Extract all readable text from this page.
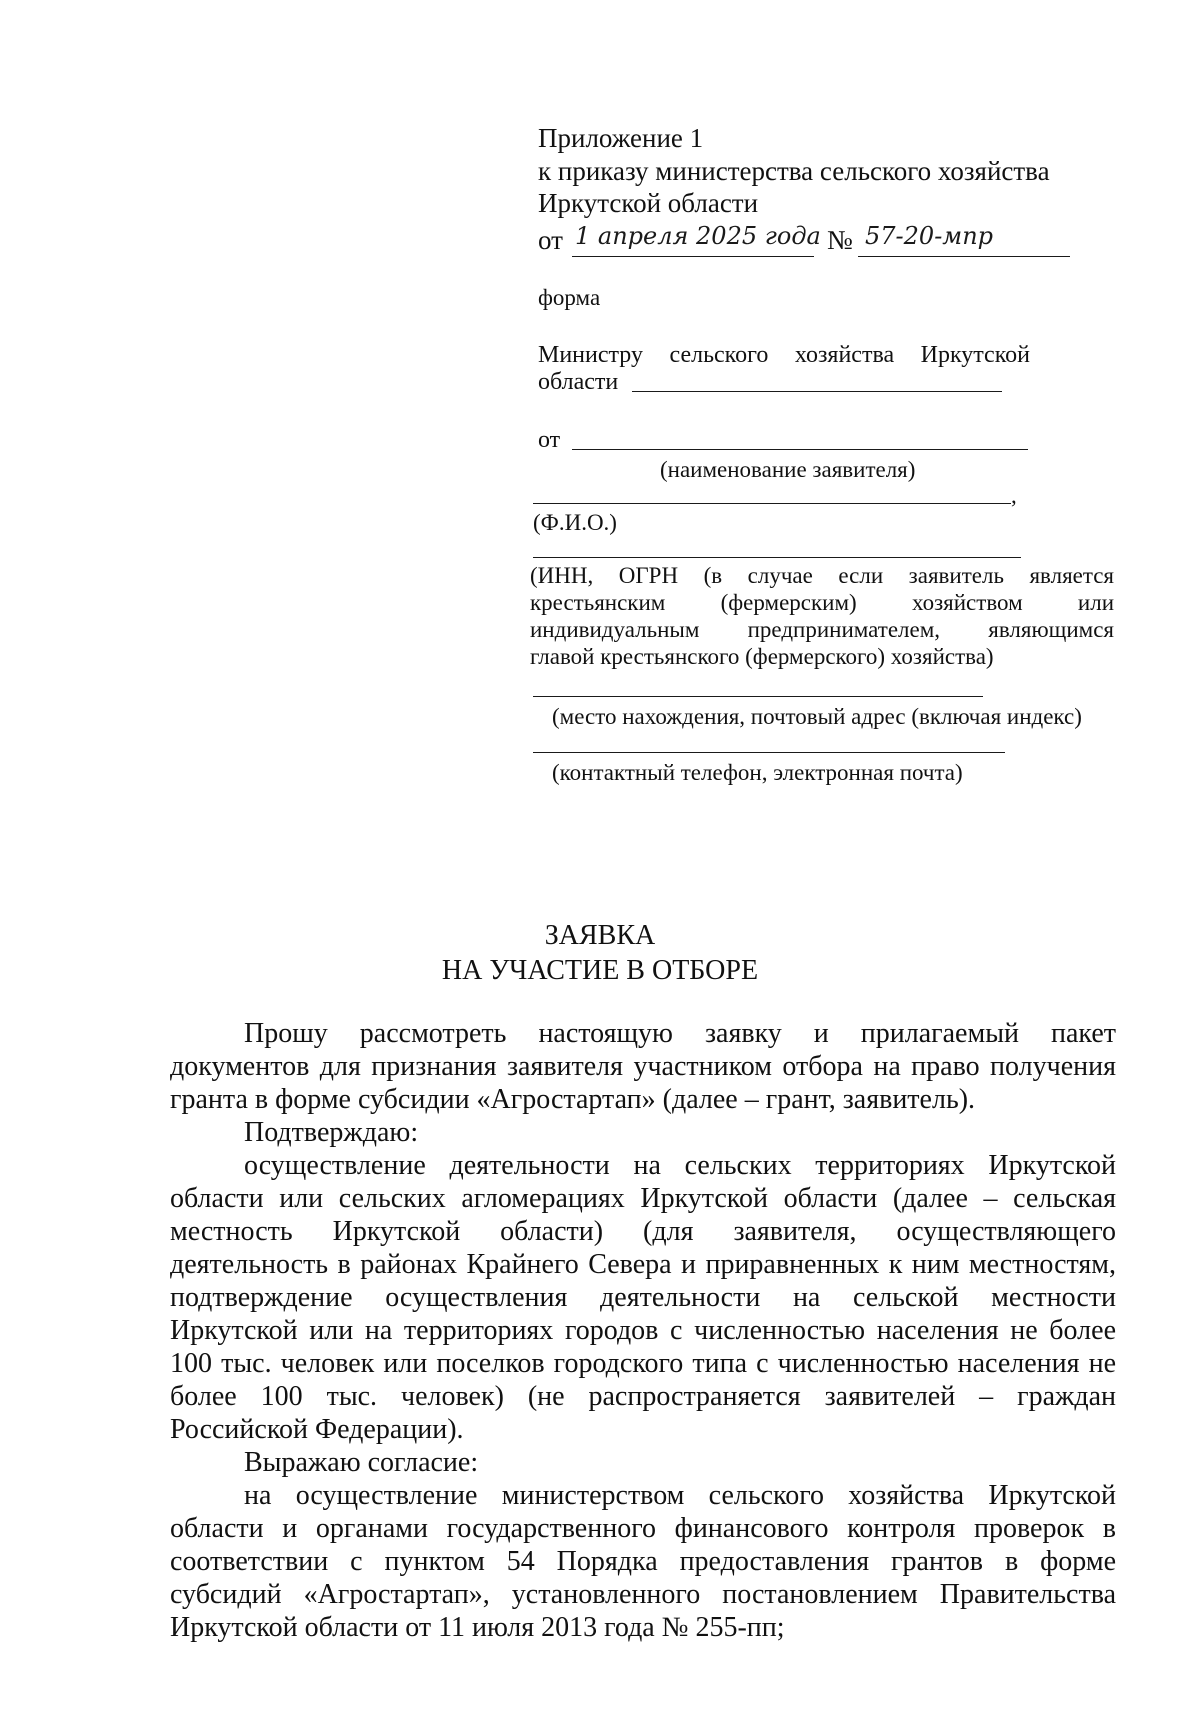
Приложение 1
к приказу министерства сельского хозяйства
Иркутской области
от 1 апреля 2025 года № 57-20-мпр
форма
Министру сельского хозяйства Иркутской
области
от
(наименование заявителя)
,
(Ф.И.О.)
(ИНН, ОГРН (в случае если заявитель является
крестьянским (фермерским) хозяйством или
индивидуальным предпринимателем, являющимся
главой крестьянского (фермерского) хозяйства)
(место нахождения, почтовый адрес (включая индекс)
(контактный телефон, электронная почта)
ЗАЯВКА
НА УЧАСТИЕ В ОТБОРЕ
Прошу рассмотреть настоящую заявку и прилагаемый пакет
документов для признания заявителя участником отбора на право получения
гранта в форме субсидии «Агростартап» (далее – грант, заявитель).
Подтверждаю:
осуществление деятельности на сельских территориях Иркутской
области или сельских агломерациях Иркутской области (далее – сельская
местность Иркутской области) (для заявителя, осуществляющего
деятельность в районах Крайнего Севера и приравненных к ним местностям,
подтверждение осуществления деятельности на сельской местности
Иркутской или на территориях городов с численностью населения не более
100 тыс. человек или поселков городского типа с численностью населения не
более 100 тыс. человек) (не распространяется заявителей – граждан
Российской Федерации).
Выражаю согласие:
на осуществление министерством сельского хозяйства Иркутской
области и органами государственного финансового контроля проверок в
соответствии с пунктом 54 Порядка предоставления грантов в форме
субсидий «Агростартап», установленного постановлением Правительства
Иркутской области от 11 июля 2013 года № 255-пп;
